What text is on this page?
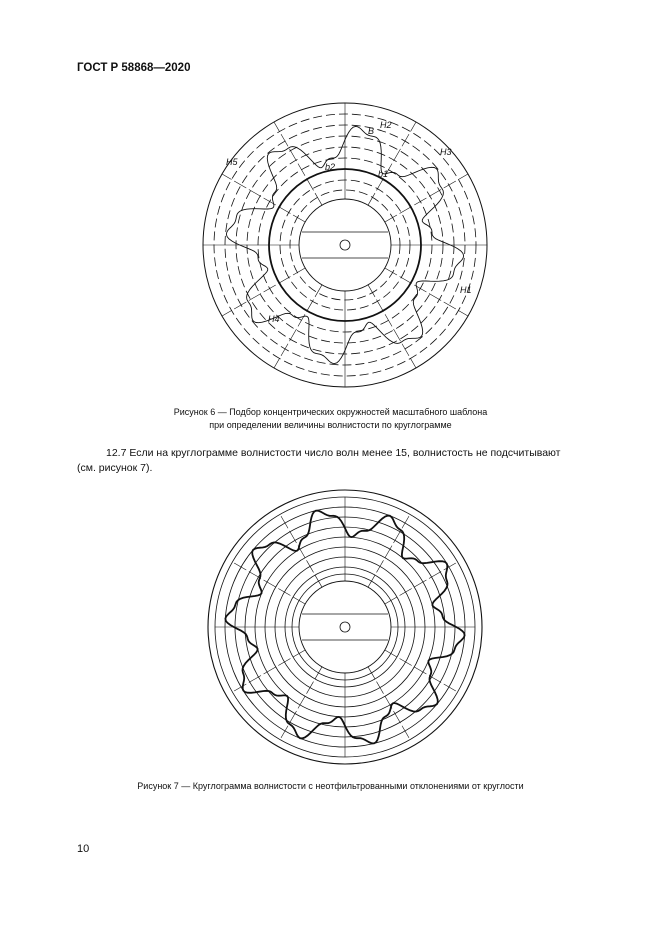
ГОСТ Р 58868—2020
B
H2
H3
H5	b2
b1
H1
H4
Рисунок 6 — Подбор концентрических окружностей масштабного шаблона
при определении величины волнистости по круглограмме
12.7 Если на круглограмме волнистости число волн менее 15, волнистость не подсчитывают
(см. рисунок 7).
Рисунок 7 — Круглограмма волнистости с неотфильтрованными отклонениями от круглости
10
